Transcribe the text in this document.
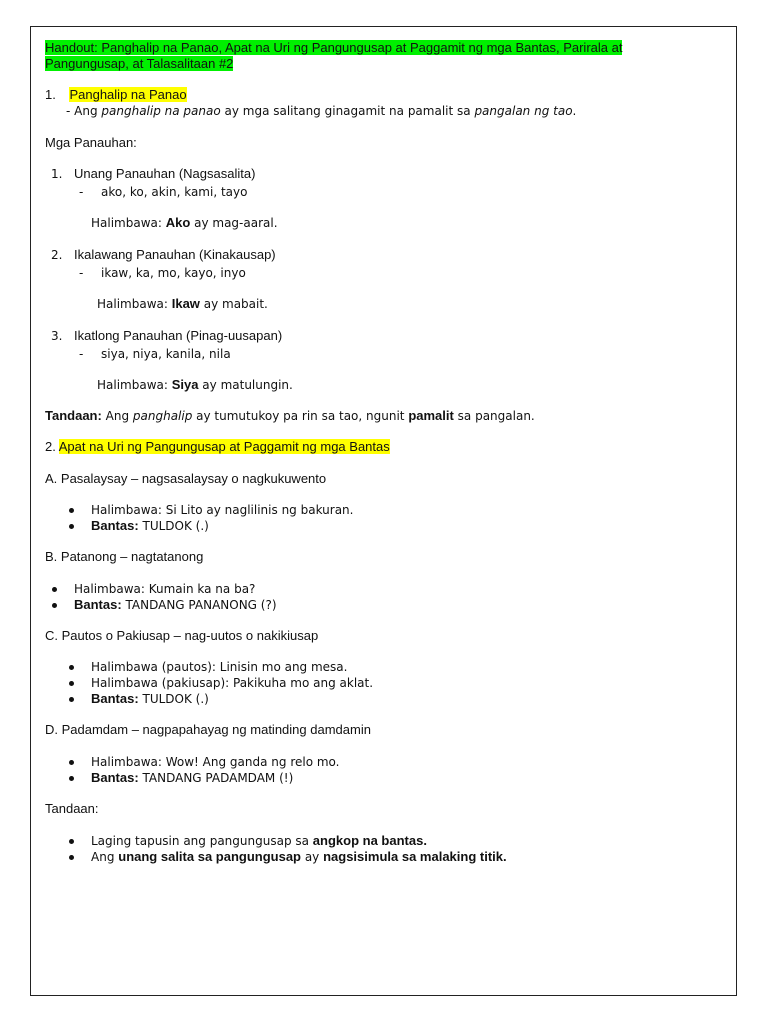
Handout: Panghalip na Panao, Apat na Uri ng Pangungusap at Paggamit ng mga Bantas, Parirala at
Pangungusap, at Talasalitaan #2
1. Panghalip na Panao
- Ang panghalip na panao ay mga salitang ginagamit na pamalit sa pangalan ng tao.
Mga Panauhan:
1. Unang Panauhan (Nagsasalita)
- ako, ko, akin, kami, tayo
Halimbawa: Ako ay mag-aaral.
2. Ikalawang Panauhan (Kinakausap)
- ikaw, ka, mo, kayo, inyo
Halimbawa: Ikaw ay mabait.
3. Ikatlong Panauhan (Pinag-uusapan)
- siya, niya, kanila, nila
Halimbawa: Siya ay matulungin.
Tandaan: Ang panghalip ay tumutukoy pa rin sa tao, ngunit pamalit sa pangalan.
2. Apat na Uri ng Pangungusap at Paggamit ng mga Bantas
A. Pasalaysay – nagsasalaysay o nagkukuwento
Halimbawa: Si Lito ay naglilinis ng bakuran.
Bantas: TULDOK (.)
B. Patanong – nagtatanong
Halimbawa: Kumain ka na ba?
Bantas: TANDANG PANANONG (?)
C. Pautos o Pakiusap – nag-uutos o nakikiusap
Halimbawa (pautos): Linisin mo ang mesa.
Halimbawa (pakiusap): Pakikuha mo ang aklat.
Bantas: TULDOK (.)
D. Padamdam – nagpapahayag ng matinding damdamin
Halimbawa: Wow! Ang ganda ng relo mo.
Bantas: TANDANG PADAMDAM (!)
Tandaan:
Laging tapusin ang pangungusap sa angkop na bantas.
Ang unang salita sa pangungusap ay nagsisimula sa malaking titik.
